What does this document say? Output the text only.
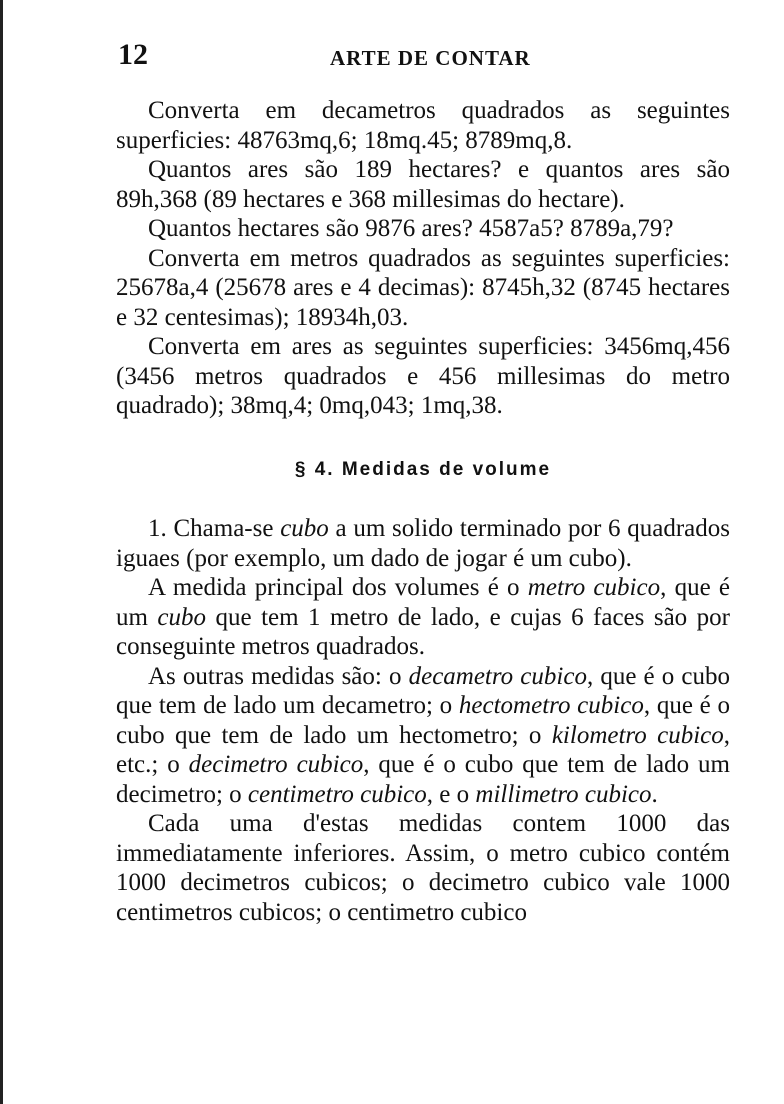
12	ARTE DE CONTAR

Converta em decametros quadrados as seguintes superficies: 48763mq,6; 18mq.45; 8789mq,8.

Quantos ares são 189 hectares? e quantos ares são 89h,368 (89 hectares e 368 millesimas do hectare).

Quantos hectares são 9876 ares? 4587a5? 8789a,79?

Converta em metros quadrados as seguintes superficies: 25678a,4 (25678 ares e 4 decimas): 8745h,32 (8745 hectares e 32 centesimas); 18934h,03.

Converta em ares as seguintes superficies: 3456mq,456 (3456 metros quadrados e 456 millesimas do metro quadrado); 38mq,4; 0mq,043; 1mq,38.

§ 4. Medidas de volume

1. Chama-se cubo a um solido terminado por 6 quadrados iguaes (por exemplo, um dado de jogar é um cubo).

A medida principal dos volumes é o metro cubico, que é um cubo que tem 1 metro de lado, e cujas 6 faces são por conseguinte metros quadrados.

As outras medidas são: o decametro cubico, que é o cubo que tem de lado um decametro; o hectometro cubico, que é o cubo que tem de lado um hectometro; o kilometro cubico, etc.; o decimetro cubico, que é o cubo que tem de lado um decimetro; o centimetro cubico, e o millimetro cubico.

Cada uma d'estas medidas contem 1000 das immediatamente inferiores. Assim, o metro cubico contém 1000 decimetros cubicos; o decimetro cubico vale 1000 centimetros cubicos; o centimetro cubico
